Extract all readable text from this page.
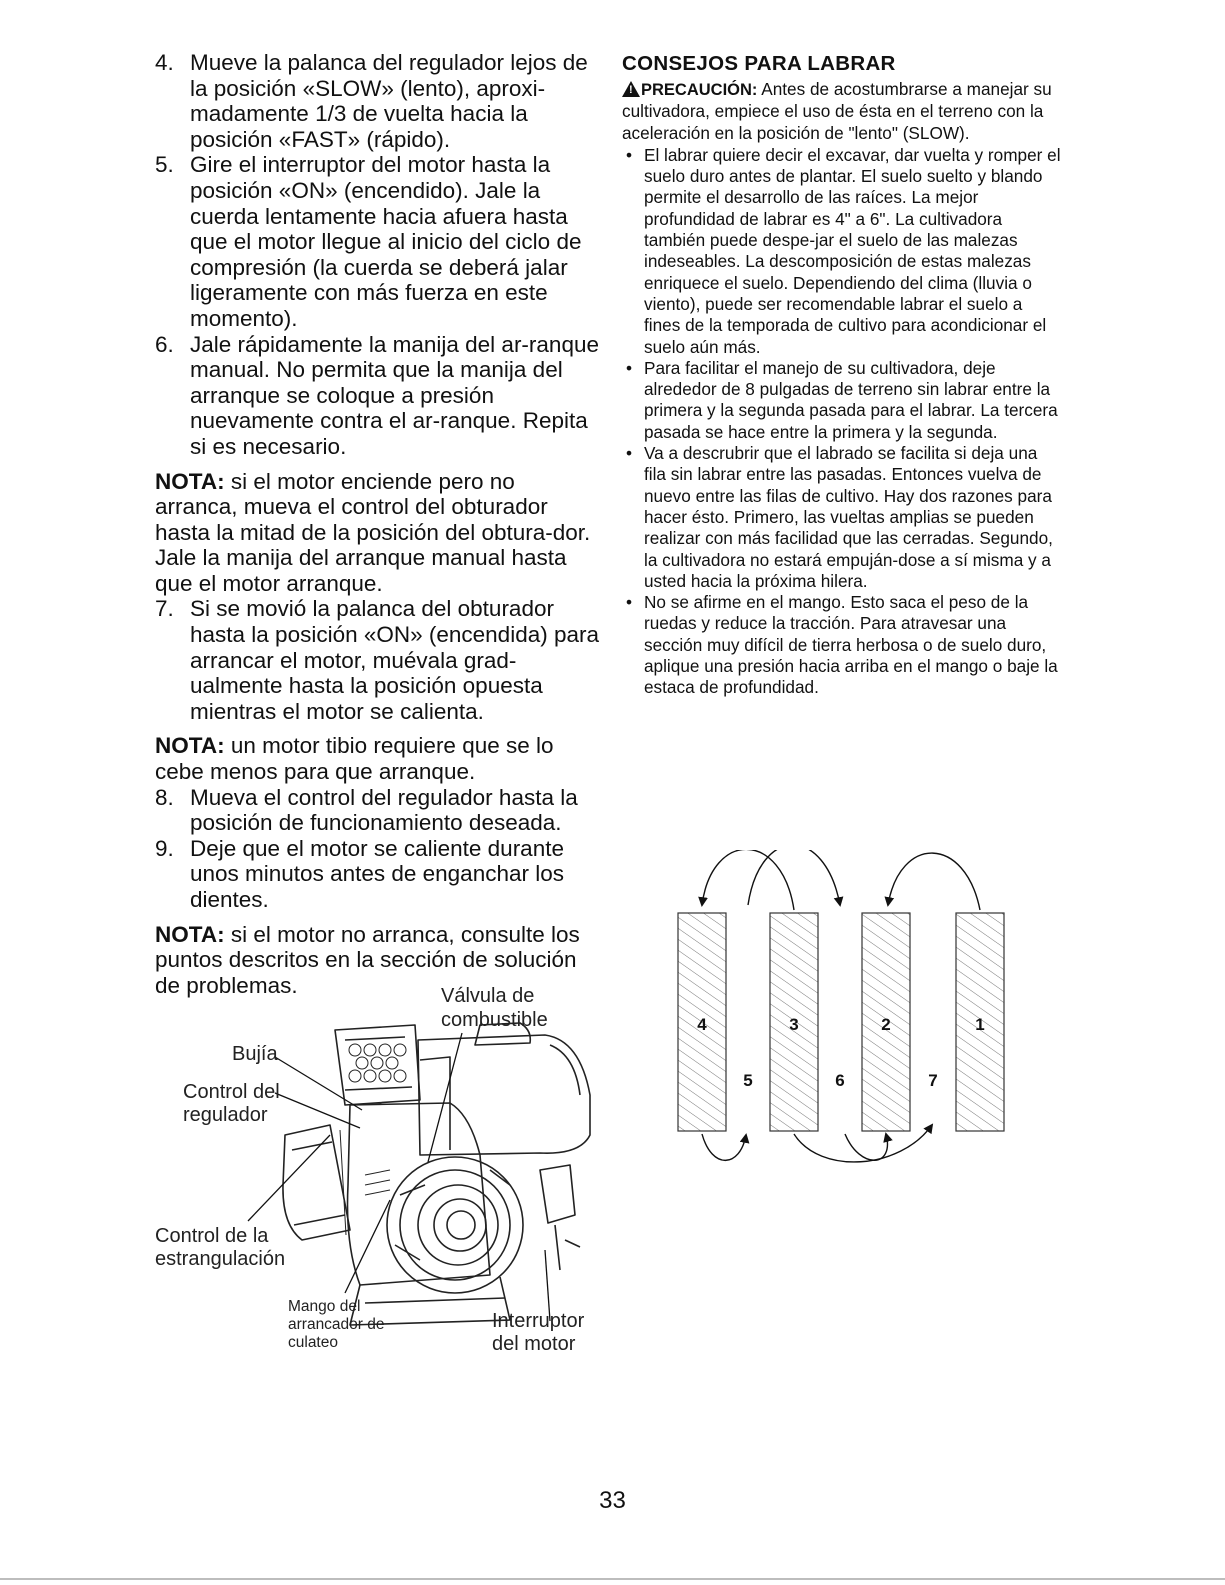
4. Mueve la palanca del regulador lejos de la posición «SLOW» (lento), aproxi-madamente 1/3 de vuelta hacia la posición «FAST» (rápido).
5. Gire el interruptor del motor hasta la posición «ON» (encendido). Jale la cuerda lentamente hacia afuera hasta que el motor llegue al inicio del ciclo de compresión (la cuerda se deberá jalar ligeramente con más fuerza en este momento).
6. Jale rápidamente la manija del ar-ranque manual. No permita que la manija del arranque se coloque a presión nuevamente contra el ar-ranque. Repita si es necesario.

NOTA: si el motor enciende pero no arranca, mueva el control del obturador hasta la mitad de la posición del obtura-dor. Jale la manija del arranque manual hasta que el motor arranque.

7. Si se movió la palanca del obturador hasta la posición «ON» (encendida) para arrancar el motor, muévala grad-ualmente hasta la posición opuesta mientras el motor se calienta.

NOTA: un motor tibio requiere que se lo cebe menos para que arranque.

8. Mueva el control del regulador hasta la posición de funcionamiento deseada.
9. Deje que el motor se caliente durante unos minutos antes de enganchar los dientes.

NOTA: si el motor no arranca, consulte los puntos descritos en la sección de solución de problemas.	Válvula de
combustible
Bujía
Control del
regulador
Control de la
estrangulación
Mango del
arrancador de
culateo
Interruptor
del motor
CONSEJOS PARA LABRAR

! PRECAUCIÓN: Antes de acostumbrarse a manejar su cultivadora, empiece el uso de ésta en el terreno con la aceleración en la posición de "lento" (SLOW).

• El labrar quiere decir el excavar, dar vuelta y romper el suelo duro antes de plantar. El suelo suelto y blando permite el desarrollo de las raíces. La mejor profundidad de labrar es 4" a 6". La cultivadora también puede despe-jar el suelo de las malezas indeseables. La descomposición de estas malezas enriquece el suelo. Dependiendo del clima (lluvia o viento), puede ser recomendable labrar el suelo a fines de la temporada de cultivo para acondicionar el suelo aún más.
• Para facilitar el manejo de su cultivadora, deje alrededor de 8 pulgadas de terreno sin labrar entre la primera y la segunda pasada para el labrar. La tercera pasada se hace entre la primera y la segunda.
• Va a descrubrir que el labrado se facilita si deja una fila sin labrar entre las pasadas. Entonces vuelva de nuevo entre las filas de cultivo. Hay dos razones para hacer ésto. Primero, las vueltas amplias se pueden realizar con más facilidad que las cerradas. Segundo, la cultivadora no estará empuján-dose a sí misma y a usted hacia la próxima hilera.
• No se afirme en el mango. Esto saca el peso de la ruedas y reduce la tracción. Para atravesar una sección muy difícil de tierra herbosa o de suelo duro, aplique una presión hacia arriba en el mango o baje la estaca de profundidad.
4	3	2	1
5	6	7
33
